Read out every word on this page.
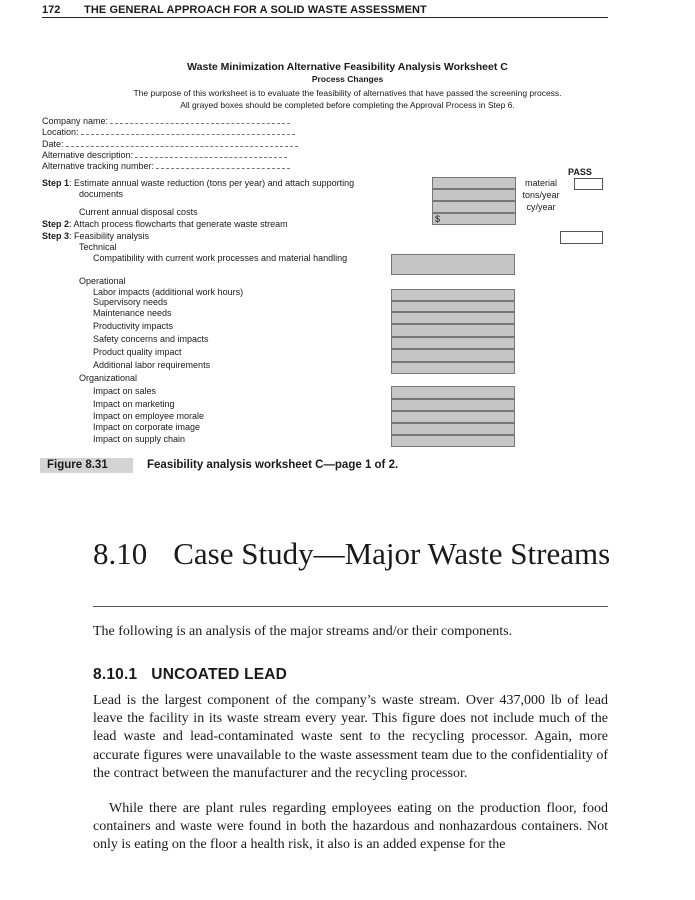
172 THE GENERAL APPROACH FOR A SOLID WASTE ASSESSMENT
Waste Minimization Alternative Feasibility Analysis Worksheet C
Process Changes
The purpose of this worksheet is to evaluate the feasibility of alternatives that have passed the screening process.
All grayed boxes should be completed before completing the Approval Process in Step 6.
Company name:
Location:
Date:
Alternative description:
Alternative tracking number:
PASS
Step 1: Estimate annual waste reduction (tons per year) and attach supporting
documents
$
material
tons/year
cy/year
Current annual disposal costs
Step 2: Attach process flowcharts that generate waste stream
Step 3: Feasibility analysis
Technical
Compatibility with current work processes and material handling
Operational
Labor impacts (additional work hours)
Supervisory needs
Maintenance needs
Productivity impacts
Safety concerns and impacts
Product quality impact
Additional labor requirements
Organizational
Impact on sales
Impact on marketing
Impact on employee morale
Impact on corporate image
Impact on supply chain
Figure 8.31	Feasibility analysis worksheet C—page 1 of 2.
8.10 Case Study—Major Waste Streams
The following is an analysis of the major streams and/or their components.
8.10.1 UNCOATED LEAD
Lead is the largest component of the company’s waste stream. Over 437,000 lb of lead leave the facility in its waste stream every year. This figure does not include much of the lead waste and lead-contaminated waste sent to the recycling processor. Again, more accurate figures were unavailable to the waste assessment team due to the confidentiality of the contract between the manufacturer and the recycling processor.
While there are plant rules regarding employees eating on the production floor, food containers and waste were found in both the hazardous and nonhazardous containers. Not only is eating on the floor a health risk, it also is an added expense for the
